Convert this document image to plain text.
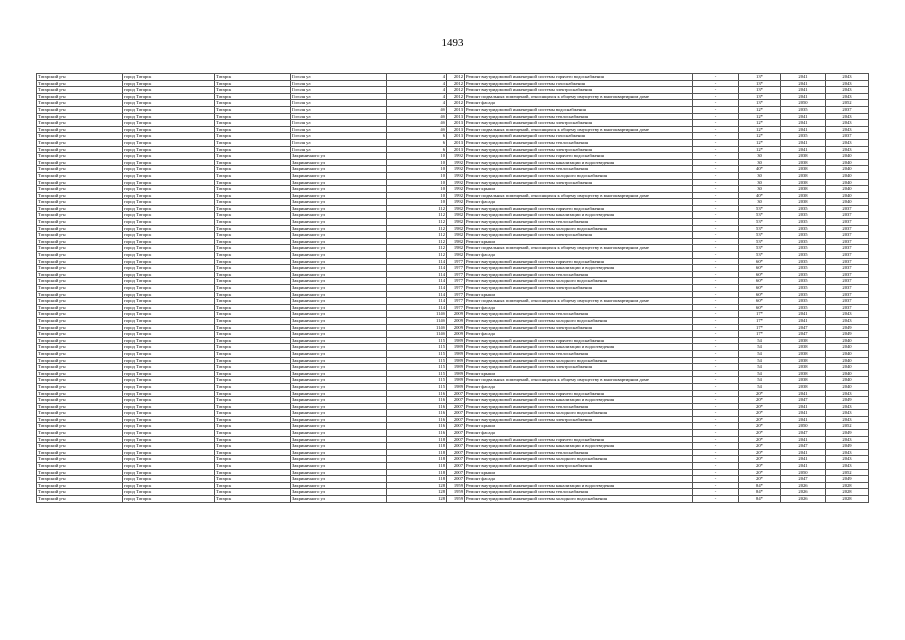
1493
Татарский р-н	город Татарск	Татарск	Гоголя ул	4	2012	Ремонт внутридомовой инженерной системы горячего водоснабжения	-	13*	2041	2043
Татарский р-н	город Татарск	Татарск	Гоголя ул	4	2012	Ремонт внутридомовой инженерной системы газоснабжения	-	13*	2041	2043
Татарский р-н	город Татарск	Татарск	Гоголя ул	4	2012	Ремонт внутридомовой инженерной системы электроснабжения	-	13*	2041	2043
Татарский р-н	город Татарск	Татарск	Гоголя ул	4	2012	Ремонт подвальных помещений, относящихся к общему имуществу в многоквартирном доме	-	13*	2041	2043
Татарский р-н	город Татарск	Татарск	Гоголя ул	4	2012	Ремонт фасада	-	13*	2050	2052
Татарский р-н	город Татарск	Татарск	Гоголя ул	4б	2013	Ремонт внутридомовой инженерной системы водоснабжения	-	12*	2035	2037
Татарский р-н	город Татарск	Татарск	Гоголя ул	4б	2013	Ремонт внутридомовой инженерной системы теплоснабжения	-	12*	2041	2043
Татарский р-н	город Татарск	Татарск	Гоголя ул	4б	2013	Ремонт внутридомовой инженерной системы электроснабжения	-	12*	2041	2043
Татарский р-н	город Татарск	Татарск	Гоголя ул	4б	2013	Ремонт подвальных помещений, относящихся к общему имуществу в многоквартирном доме	-	12*	2041	2043
Татарский р-н	город Татарск	Татарск	Гоголя ул	6	2013	Ремонт внутридомовой инженерной системы газоснабжения	-	12*	2035	2037
Татарский р-н	город Татарск	Татарск	Гоголя ул	6	2013	Ремонт внутридомовой инженерной системы теплоснабжения	-	12*	2041	2043
Татарский р-н	город Татарск	Татарск	Гоголя ул	6	2013	Ремонт внутридомовой инженерной системы электроснабжения	-	12*	2041	2043
Татарский р-н	город Татарск	Татарск	Закриничного ул	10	1992	Ремонт внутридомовой инженерной системы горячего водоснабжения	-	30	2038	2040
Татарский р-н	город Татарск	Татарск	Закриничного ул	10	1992	Ремонт внутридомовой инженерной системы канализации и водоотведения	-	30	2038	2040
Татарский р-н	город Татарск	Татарск	Закриничного ул	10	1992	Ремонт внутридомовой инженерной системы теплоснабжения	-	40*	2038	2040
Татарский р-н	город Татарск	Татарск	Закриничного ул	10	1992	Ремонт внутридомовой инженерной системы холодного водоснабжения	-	30	2038	2040
Татарский р-н	город Татарск	Татарск	Закриничного ул	10	1992	Ремонт внутридомовой инженерной системы электроснабжения	-	30	2038	2040
Татарский р-н	город Татарск	Татарск	Закриничного ул	10	1992	Ремонт крыши	-	30	2038	2040
Татарский р-н	город Татарск	Татарск	Закриничного ул	10	1992	Ремонт подвальных помещений, относящихся к общему имуществу в многоквартирном доме	-	40*	2038	2040
Татарский р-н	город Татарск	Татарск	Закриничного ул	10	1992	Ремонт фасада	-	30	2038	2040
Татарский р-н	город Татарск	Татарск	Закриничного ул	112	1982	Ремонт внутридомовой инженерной системы горячего водоснабжения	-	53*	2035	2037
Татарский р-н	город Татарск	Татарск	Закриничного ул	112	1982	Ремонт внутридомовой инженерной системы канализации и водоотведения	-	53*	2035	2037
Татарский р-н	город Татарск	Татарск	Закриничного ул	112	1982	Ремонт внутридомовой инженерной системы теплоснабжения	-	53*	2035	2037
Татарский р-н	город Татарск	Татарск	Закриничного ул	112	1982	Ремонт внутридомовой инженерной системы холодного водоснабжения	-	53*	2035	2037
Татарский р-н	город Татарск	Татарск	Закриничного ул	112	1982	Ремонт внутридомовой инженерной системы электроснабжения	-	53*	2035	2037
Татарский р-н	город Татарск	Татарск	Закриничного ул	112	1982	Ремонт крыши	-	53*	2035	2037
Татарский р-н	город Татарск	Татарск	Закриничного ул	112	1982	Ремонт подвальных помещений, относящихся к общему имуществу в многоквартирном доме	-	53*	2035	2037
Татарский р-н	город Татарск	Татарск	Закриничного ул	112	1982	Ремонт фасада	-	53*	2035	2037
Татарский р-н	город Татарск	Татарск	Закриничного ул	114	1977	Ремонт внутридомовой инженерной системы горячего водоснабжения	-	60*	2035	2037
Татарский р-н	город Татарск	Татарск	Закриничного ул	114	1977	Ремонт внутридомовой инженерной системы канализации и водоотведения	-	60*	2035	2037
Татарский р-н	город Татарск	Татарск	Закриничного ул	114	1977	Ремонт внутридомовой инженерной системы теплоснабжения	-	60*	2035	2037
Татарский р-н	город Татарск	Татарск	Закриничного ул	114	1977	Ремонт внутридомовой инженерной системы холодного водоснабжения	-	60*	2035	2037
Татарский р-н	город Татарск	Татарск	Закриничного ул	114	1977	Ремонт внутридомовой инженерной системы электроснабжения	-	60*	2035	2037
Татарский р-н	город Татарск	Татарск	Закриничного ул	114	1977	Ремонт крыши	-	60*	2035	2037
Татарский р-н	город Татарск	Татарск	Закриничного ул	114	1977	Ремонт подвальных помещений, относящихся к общему имуществу в многоквартирном доме	-	60*	2035	2037
Татарский р-н	город Татарск	Татарск	Закриничного ул	114	1977	Ремонт фасада	-	60*	2035	2037
Татарский р-н	город Татарск	Татарск	Закриничного ул	114б	2009	Ремонт внутридомовой инженерной системы теплоснабжения	-	17*	2041	2043
Татарский р-н	город Татарск	Татарск	Закриничного ул	114б	2009	Ремонт внутридомовой инженерной системы холодного водоснабжения	-	17*	2041	2043
Татарский р-н	город Татарск	Татарск	Закриничного ул	114б	2009	Ремонт внутридомовой инженерной системы электроснабжения	-	17*	2047	2049
Татарский р-н	город Татарск	Татарск	Закриничного ул	114б	2009	Ремонт фасада	-	17*	2047	2049
Татарский р-н	город Татарск	Татарск	Закриничного ул	115	1989	Ремонт внутридомовой инженерной системы горячего водоснабжения	-	54	2038	2040
Татарский р-н	город Татарск	Татарск	Закриничного ул	115	1989	Ремонт внутридомовой инженерной системы канализации и водоотведения	-	54	2038	2040
Татарский р-н	город Татарск	Татарск	Закриничного ул	115	1989	Ремонт внутридомовой инженерной системы теплоснабжения	-	54	2038	2040
Татарский р-н	город Татарск	Татарск	Закриничного ул	115	1989	Ремонт внутридомовой инженерной системы холодного водоснабжения	-	54	2038	2040
Татарский р-н	город Татарск	Татарск	Закриничного ул	115	1989	Ремонт внутридомовой инженерной системы электроснабжения	-	54	2038	2040
Татарский р-н	город Татарск	Татарск	Закриничного ул	115	1989	Ремонт крыши	-	54	2038	2040
Татарский р-н	город Татарск	Татарск	Закриничного ул	115	1989	Ремонт подвальных помещений, относящихся к общему имуществу в многоквартирном доме	-	54	2038	2040
Татарский р-н	город Татарск	Татарск	Закриничного ул	115	1989	Ремонт фасада	-	54	2038	2040
Татарский р-н	город Татарск	Татарск	Закриничного ул	116	2007	Ремонт внутридомовой инженерной системы горячего водоснабжения	-	20*	2041	2043
Татарский р-н	город Татарск	Татарск	Закриничного ул	116	2007	Ремонт внутридомовой инженерной системы канализации и водоотведения	-	20*	2047	2049
Татарский р-н	город Татарск	Татарск	Закриничного ул	116	2007	Ремонт внутридомовой инженерной системы теплоснабжения	-	20*	2041	2043
Татарский р-н	город Татарск	Татарск	Закриничного ул	116	2007	Ремонт внутридомовой инженерной системы холодного водоснабжения	-	20*	2041	2043
Татарский р-н	город Татарск	Татарск	Закриничного ул	116	2007	Ремонт внутридомовой инженерной системы электроснабжения	-	20*	2041	2043
Татарский р-н	город Татарск	Татарск	Закриничного ул	116	2007	Ремонт крыши	-	20*	2050	2052
Татарский р-н	город Татарск	Татарск	Закриничного ул	116	2007	Ремонт фасада	-	20*	2047	2049
Татарский р-н	город Татарск	Татарск	Закриничного ул	118	2007	Ремонт внутридомовой инженерной системы горячего водоснабжения	-	20*	2041	2043
Татарский р-н	город Татарск	Татарск	Закриничного ул	118	2007	Ремонт внутридомовой инженерной системы канализации и водоотведения	-	20*	2047	2049
Татарский р-н	город Татарск	Татарск	Закриничного ул	118	2007	Ремонт внутридомовой инженерной системы теплоснабжения	-	20*	2041	2043
Татарский р-н	город Татарск	Татарск	Закриничного ул	118	2007	Ремонт внутридомовой инженерной системы холодного водоснабжения	-	20*	2041	2043
Татарский р-н	город Татарск	Татарск	Закриничного ул	118	2007	Ремонт внутридомовой инженерной системы электроснабжения	-	20*	2041	2043
Татарский р-н	город Татарск	Татарск	Закриничного ул	118	2007	Ремонт крыши	-	20*	2050	2052
Татарский р-н	город Татарск	Татарск	Закриничного ул	118	2007	Ремонт фасада	-	20*	2047	2049
Татарский р-н	город Татарск	Татарск	Закриничного ул	128	1959	Ремонт внутридомовой инженерной системы канализации и водоотведения	-	84*	2026	2028
Татарский р-н	город Татарск	Татарск	Закриничного ул	128	1959	Ремонт внутридомовой инженерной системы теплоснабжения	-	84*	2026	2028
Татарский р-н	город Татарск	Татарск	Закриничного ул	128	1959	Ремонт внутридомовой инженерной системы холодного водоснабжения	-	84*	2026	2028
